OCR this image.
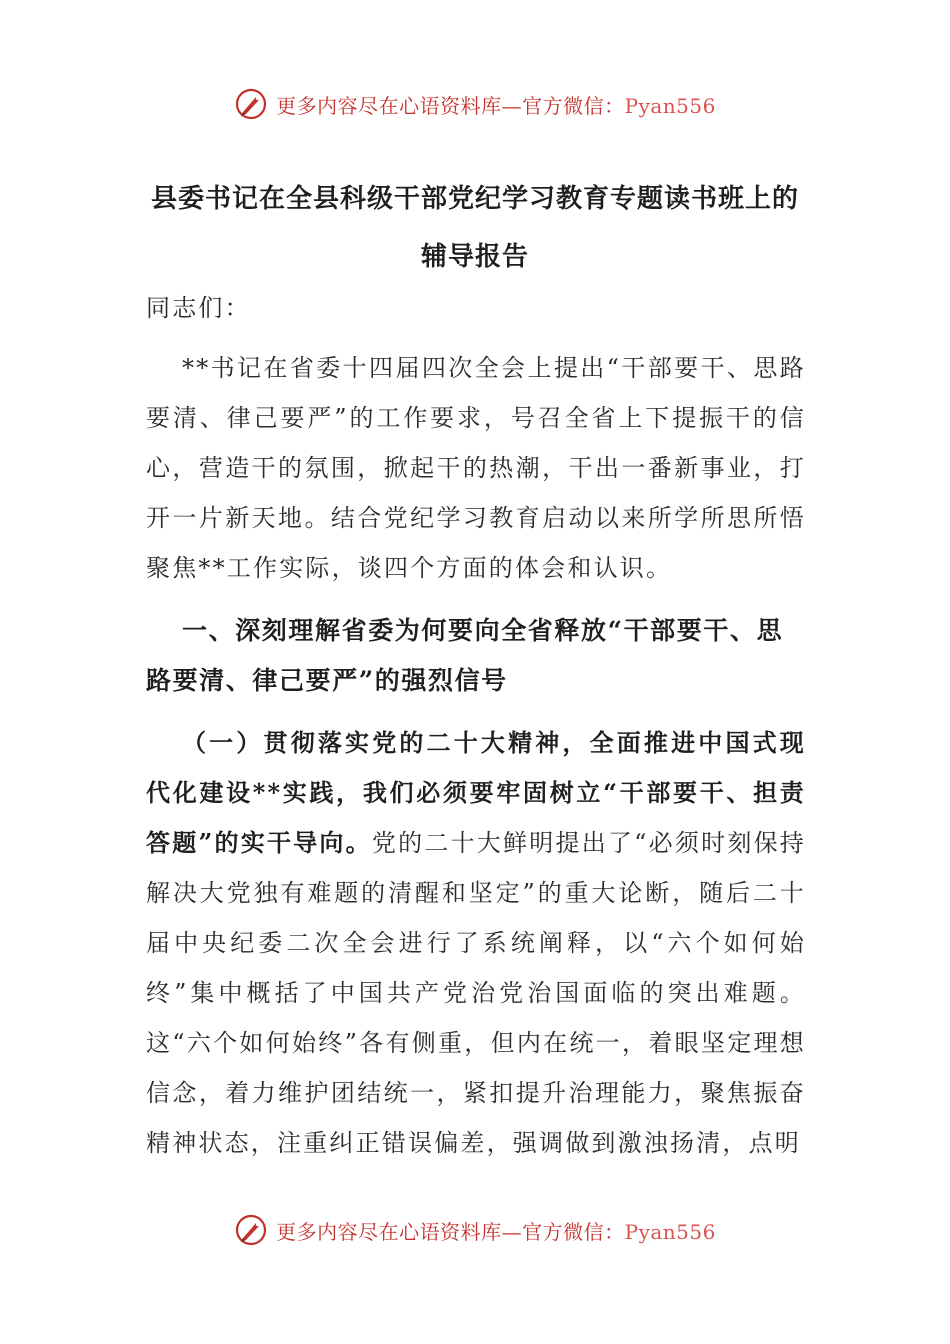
更多内容尽在心语资料库—官方微信：Pyan556
县委书记在全县科级干部党纪学习教育专题读书班上的辅导报告
同志们：
**书记在省委十四届四次全会上提出“干部要干、思路要清、律己要严”的工作要求，号召全省上下提振干的信心，营造干的氛围，掀起干的热潮，干出一番新事业，打开一片新天地。结合党纪学习教育启动以来所学所思所悟聚焦**工作实际，谈四个方面的体会和认识。
一、深刻理解省委为何要向全省释放“干部要干、思路要清、律己要严”的强烈信号
（一）贯彻落实党的二十大精神，全面推进中国式现代化建设**实践，我们必须要牢固树立“干部要干、担责答题”的实干导向。党的二十大鲜明提出了“必须时刻保持解决大党独有难题的清醒和坚定”的重大论断，随后二十届中央纪委二次全会进行了系统阐释，以“六个如何始终”集中概括了中国共产党治党治国面临的突出难题。这“六个如何始终”各有侧重，但内在统一，着眼坚定理想信念，着力维护团结统一，紧扣提升治理能力，聚焦振奋精神状态，注重纠正错误偏差，强调做到激浊扬清，点明
更多内容尽在心语资料库—官方微信：Pyan556
